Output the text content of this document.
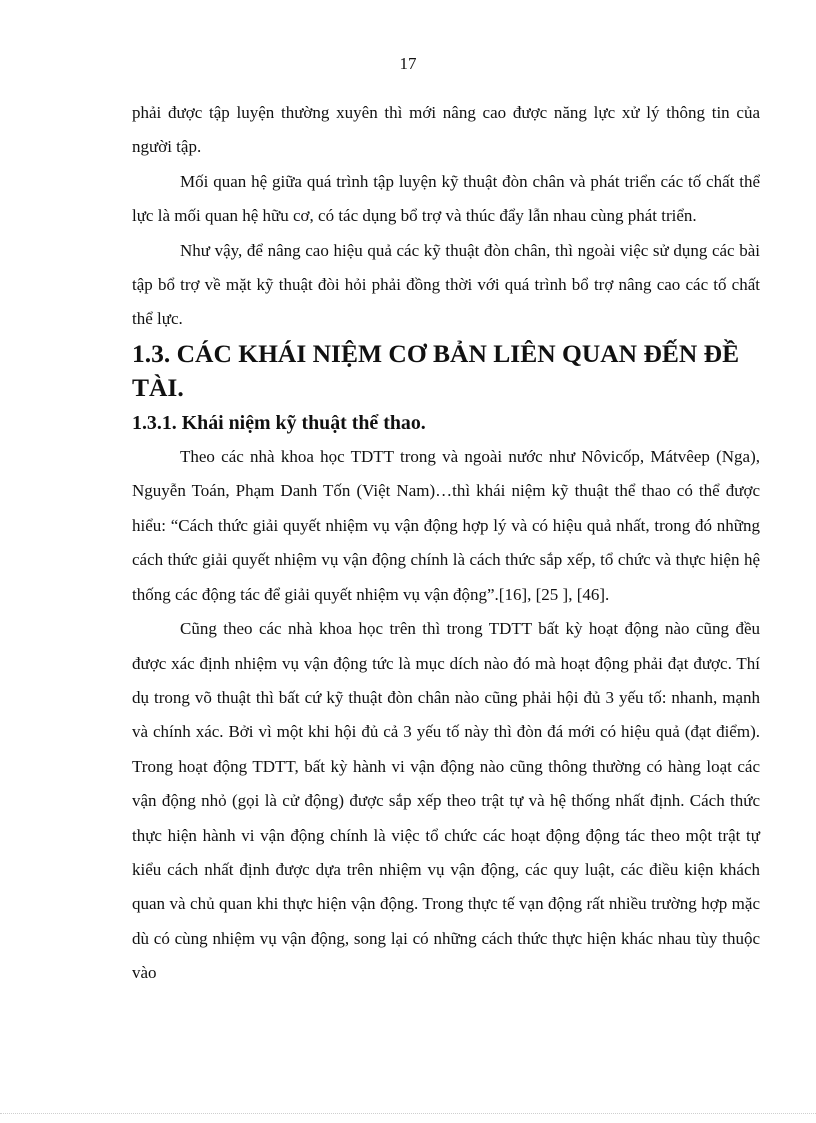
17

phải được tập luyện thường xuyên thì mới nâng cao được năng lực xử lý thông tin của người tập.

Mối quan hệ giữa quá trình tập luyện kỹ thuật đòn chân và phát triển các tố chất thể lực là mối quan hệ hữu cơ, có tác dụng bổ trợ và thúc đẩy lẫn nhau cùng phát triển.

Như vậy, để nâng cao hiệu quả các kỹ thuật đòn chân, thì ngoài việc sử dụng các bài tập bổ trợ về mặt kỹ thuật đòi hỏi phải đồng thời với quá trình bổ trợ nâng cao các tố chất thể lực.

1.3. CÁC KHÁI NIỆM CƠ BẢN LIÊN QUAN ĐẾN ĐỀ TÀI.
1.3.1. Khái niệm kỹ thuật thể thao.

Theo các nhà khoa học TDTT trong và ngoài nước như Nôvicốp, Mátvêep (Nga), Nguyễn Toán, Phạm Danh Tốn (Việt Nam)…thì khái niệm kỹ thuật thể thao có thể được hiểu: “Cách thức giải quyết nhiệm vụ vận động hợp lý và có hiệu quả nhất, trong đó những cách thức giải quyết nhiệm vụ vận động chính là cách thức sắp xếp, tổ chức và thực hiện hệ thống các động tác để giải quyết nhiệm vụ vận động”.[16], [25 ], [46].

Cũng theo các nhà khoa học trên thì trong TDTT bất kỳ hoạt động nào cũng đều được xác định nhiệm vụ vận động tức là mục dích nào đó mà hoạt động phải đạt được. Thí dụ trong võ thuật thì bất cứ kỹ thuật đòn chân nào cũng phải hội đủ 3 yếu tố: nhanh, mạnh và chính xác. Bởi vì một khi hội đủ cả 3 yếu tố này thì đòn đá mới có hiệu quả (đạt điểm). Trong hoạt động TDTT, bất kỳ hành vi vận động nào cũng thông thường có hàng loạt các vận động nhỏ (gọi là cử động) được sắp xếp theo trật tự và hệ thống nhất định. Cách thức thực hiện hành vi vận động chính là việc tổ chức các hoạt động động tác theo một trật tự kiểu cách nhất định được dựa trên nhiệm vụ vận động, các quy luật, các điều kiện khách quan và chủ quan khi thực hiện vận động. Trong thực tế vạn động rất nhiều trường hợp mặc dù có cùng nhiệm vụ vận động, song lại có những cách thức thực hiện khác nhau tùy thuộc vào
